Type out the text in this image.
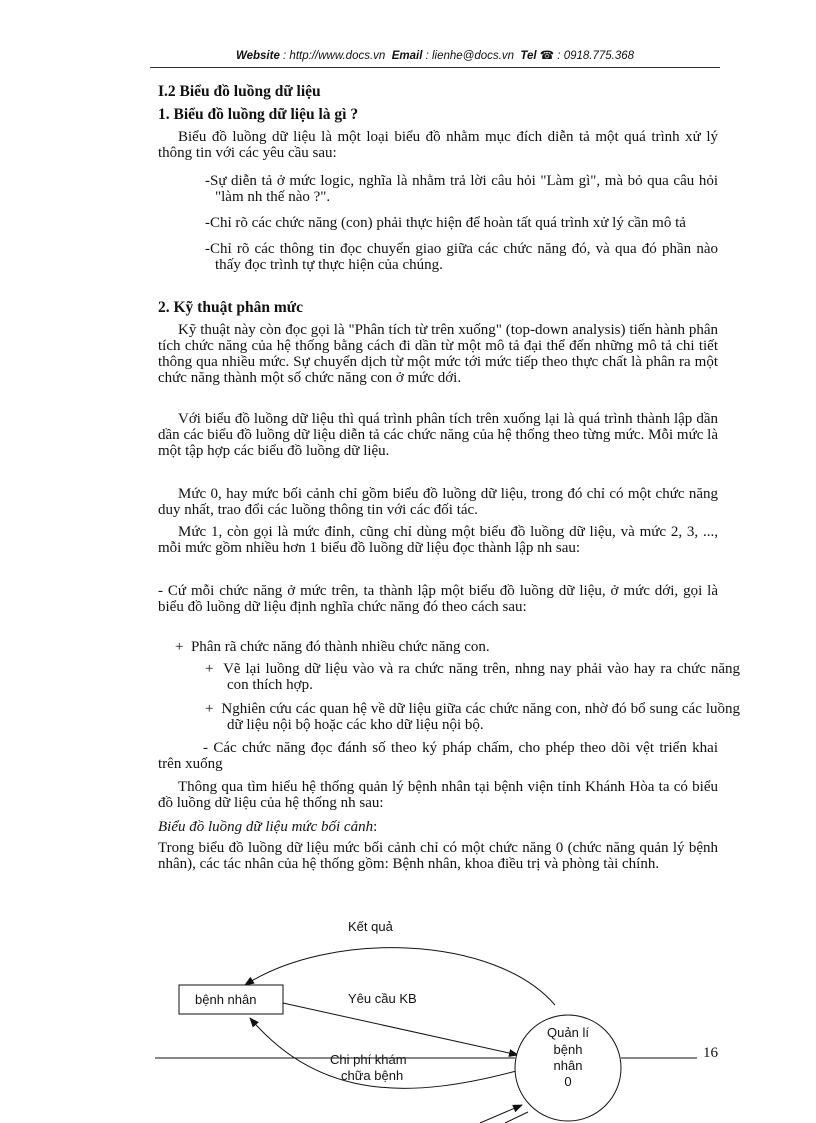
Website : http://www.docs.vn Email : lienhe@docs.vn Tel ☎ : 0918.775.368
I.2 Biểu đồ luồng dữ liệu
1. Biểu đồ luồng dữ liệu là gì ?

Biểu đồ luồng dữ liệu là một loại biểu đồ nhằm mục đích diễn tả một quá trình xử lý thông tin với các yêu cầu sau:

-Sự diễn tả ở mức logic, nghĩa là nhằm trả lời câu hỏi "Làm gì", mà bỏ qua câu hỏi "làm nh thế nào ?".

-Chỉ rõ các chức năng (con) phải thực hiện để hoàn tất quá trình xử lý cần mô tả

-Chỉ rõ các thông tin đọc chuyển giao giữa các chức năng đó, và qua đó phần nào thấy đọc trình tự thực hiện của chúng.

2. Kỹ thuật phân mức

Kỹ thuật này còn đọc gọi là "Phân tích từ trên xuống" (top-down analysis) tiến hành phân tích chức năng của hệ thống bằng cách đi dần từ một mô tả đại thể đến những mô tả chi tiết thông qua nhiều mức. Sự chuyển dịch từ một mức tới mức tiếp theo thực chất là phân ra một chức năng thành một số chức năng con ở mức dới.

Với biểu đồ luồng dữ liệu thì quá trình phân tích trên xuống lại là quá trình thành lập dần dần các biểu đồ luồng dữ liệu diễn tả các chức năng của hệ thống theo từng mức. Mỗi mức là một tập hợp các biểu đồ luồng dữ liệu.

Mức 0, hay mức bối cảnh chỉ gồm biểu đồ luồng dữ liệu, trong đó chỉ có một chức năng duy nhất, trao đổi các luồng thông tin với các đối tác.

Mức 1, còn gọi là mức đỉnh, cũng chỉ dùng một biểu đồ luồng dữ liệu, và mức 2, 3, ..., mỗi mức gồm nhiều hơn 1 biểu đồ luồng dữ liệu đọc thành lập nh sau:

- Cứ mỗi chức năng ở mức trên, ta thành lập một biểu đồ luồng dữ liệu, ở mức dới, gọi là biểu đồ luồng dữ liệu định nghĩa chức năng đó theo cách sau:

+  Phân rã chức năng đó thành nhiều chức năng con.

+  Vẽ lại luồng dữ liệu vào và ra chức năng trên, nhng nay phải vào hay ra chức năng con thích hợp.

+  Nghiên cứu các quan hệ về dữ liệu giữa các chức năng con, nhờ đó bổ sung các luồng dữ liệu nội bộ hoặc các kho dữ liệu nội bộ.

- Các chức năng đọc đánh số theo ký pháp chấm, cho phép theo dõi vệt triển khai trên xuống

Thông qua tìm hiểu hệ thống quản lý bệnh nhân tại bệnh viện tỉnh Khánh Hòa ta có biểu đồ luồng dữ liệu của hệ thống nh sau:

Biểu đồ luồng dữ liệu mức bối cảnh:

Trong biểu đồ luồng dữ liệu mức bối cảnh chỉ có một chức năng 0 (chức năng quản lý bệnh nhân), các tác nhân của hệ thống gồm: Bệnh nhân, khoa điều trị và phòng tài chính.

Kết quả
bệnh nhân	Yêu cầu KB
Chi phí khám
chữa bệnh
Quản lí
bệnh
nhân
0
16
